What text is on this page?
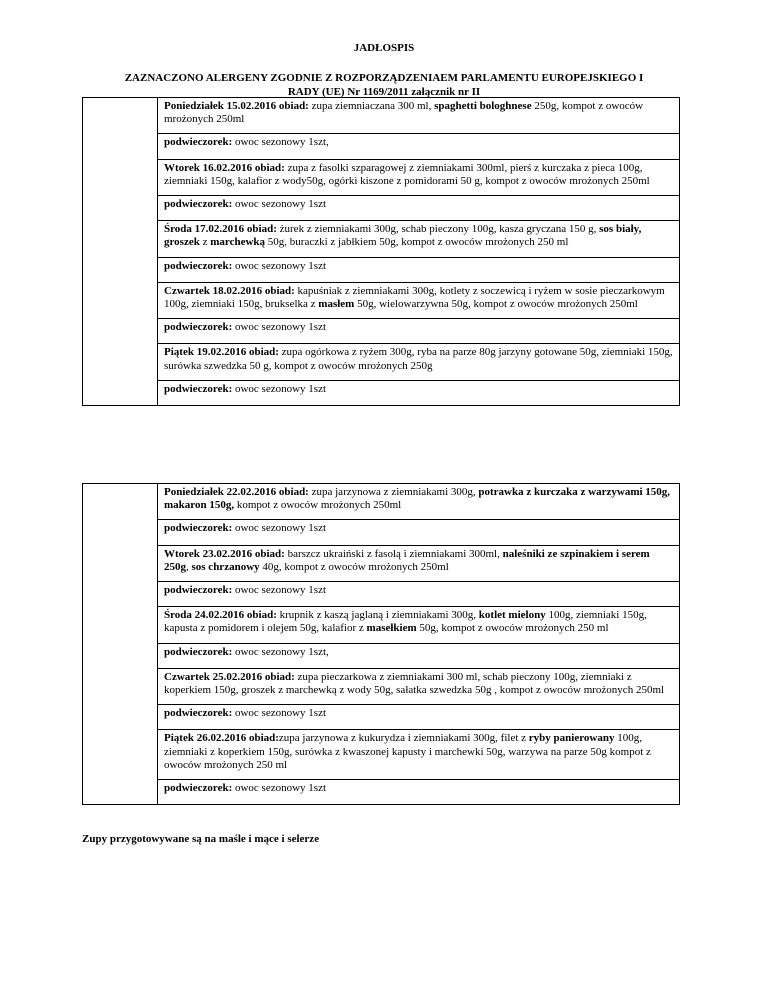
JADŁOSPIS
ZAZNACZONO ALERGENY ZGODNIE Z ROZPORZĄDZENIAEM PARLAMENTU EUROPEJSKIEGO I
RADY (UE) Nr 1169/2011 załącznik nr II
	Poniedziałek 15.02.2016 obiad: zupa ziemniaczana 300 ml, spaghetti bologhnese 250g, kompot z owoców mrożonych 250ml
podwieczorek: owoc sezonowy 1szt,
Wtorek 16.02.2016 obiad: zupa z fasolki szparagowej z ziemniakami 300ml, pierś z kurczaka z pieca 100g, ziemniaki 150g, kalafior z wody50g, ogórki kiszone z pomidorami 50 g, kompot z owoców mrożonych 250ml
podwieczorek: owoc sezonowy 1szt
Środa 17.02.2016 obiad: żurek z ziemniakami 300g, schab pieczony 100g, kasza gryczana 150 g, sos biały, groszek z marchewką 50g, buraczki z jabłkiem 50g, kompot z owoców mrożonych 250 ml
podwieczorek: owoc sezonowy 1szt
Czwartek 18.02.2016 obiad: kapuśniak z ziemniakami 300g, kotlety z soczewicą i ryżem w sosie pieczarkowym 100g, ziemniaki 150g, brukselka z masłem 50g, wielowarzywna 50g, kompot z owoców mrożonych 250ml
podwieczorek: owoc sezonowy 1szt
Piątek 19.02.2016 obiad: zupa ogórkowa z ryżem 300g, ryba na parze 80g jarzyny gotowane 50g, ziemniaki 150g, surówka szwedzka 50 g, kompot z owoców mrożonych 250g
podwieczorek: owoc sezonowy 1szt
	Poniedziałek 22.02.2016 obiad: zupa jarzynowa z ziemniakami 300g, potrawka z kurczaka z warzywami 150g, makaron 150g, kompot z owoców mrożonych 250ml
podwieczorek: owoc sezonowy 1szt
Wtorek 23.02.2016 obiad: barszcz ukraiński z fasolą i ziemniakami 300ml, naleśniki ze szpinakiem i serem 250g, sos chrzanowy 40g, kompot z owoców mrożonych 250ml
podwieczorek: owoc sezonowy 1szt
Środa 24.02.2016 obiad: krupnik z kaszą jaglaną i ziemniakami 300g, kotlet mielony 100g, ziemniaki 150g, kapusta z pomidorem i olejem 50g, kalafior z masełkiem 50g, kompot z owoców mrożonych 250 ml
podwieczorek: owoc sezonowy 1szt,
Czwartek 25.02.2016 obiad: zupa pieczarkowa z ziemniakami 300 ml, schab pieczony 100g, ziemniaki z koperkiem 150g, groszek z marchewką z wody 50g, sałatka szwedzka 50g , kompot z owoców mrożonych 250ml
podwieczorek: owoc sezonowy 1szt
Piątek 26.02.2016 obiad:zupa jarzynowa z kukurydza i ziemniakami 300g, filet z ryby panierowany 100g, ziemniaki z koperkiem 150g, surówka z kwaszonej kapusty i marchewki 50g, warzywa na parze 50g kompot z owoców mrożonych 250 ml
podwieczorek: owoc sezonowy 1szt
Zupy przygotowywane są na maśle i mące i selerze
